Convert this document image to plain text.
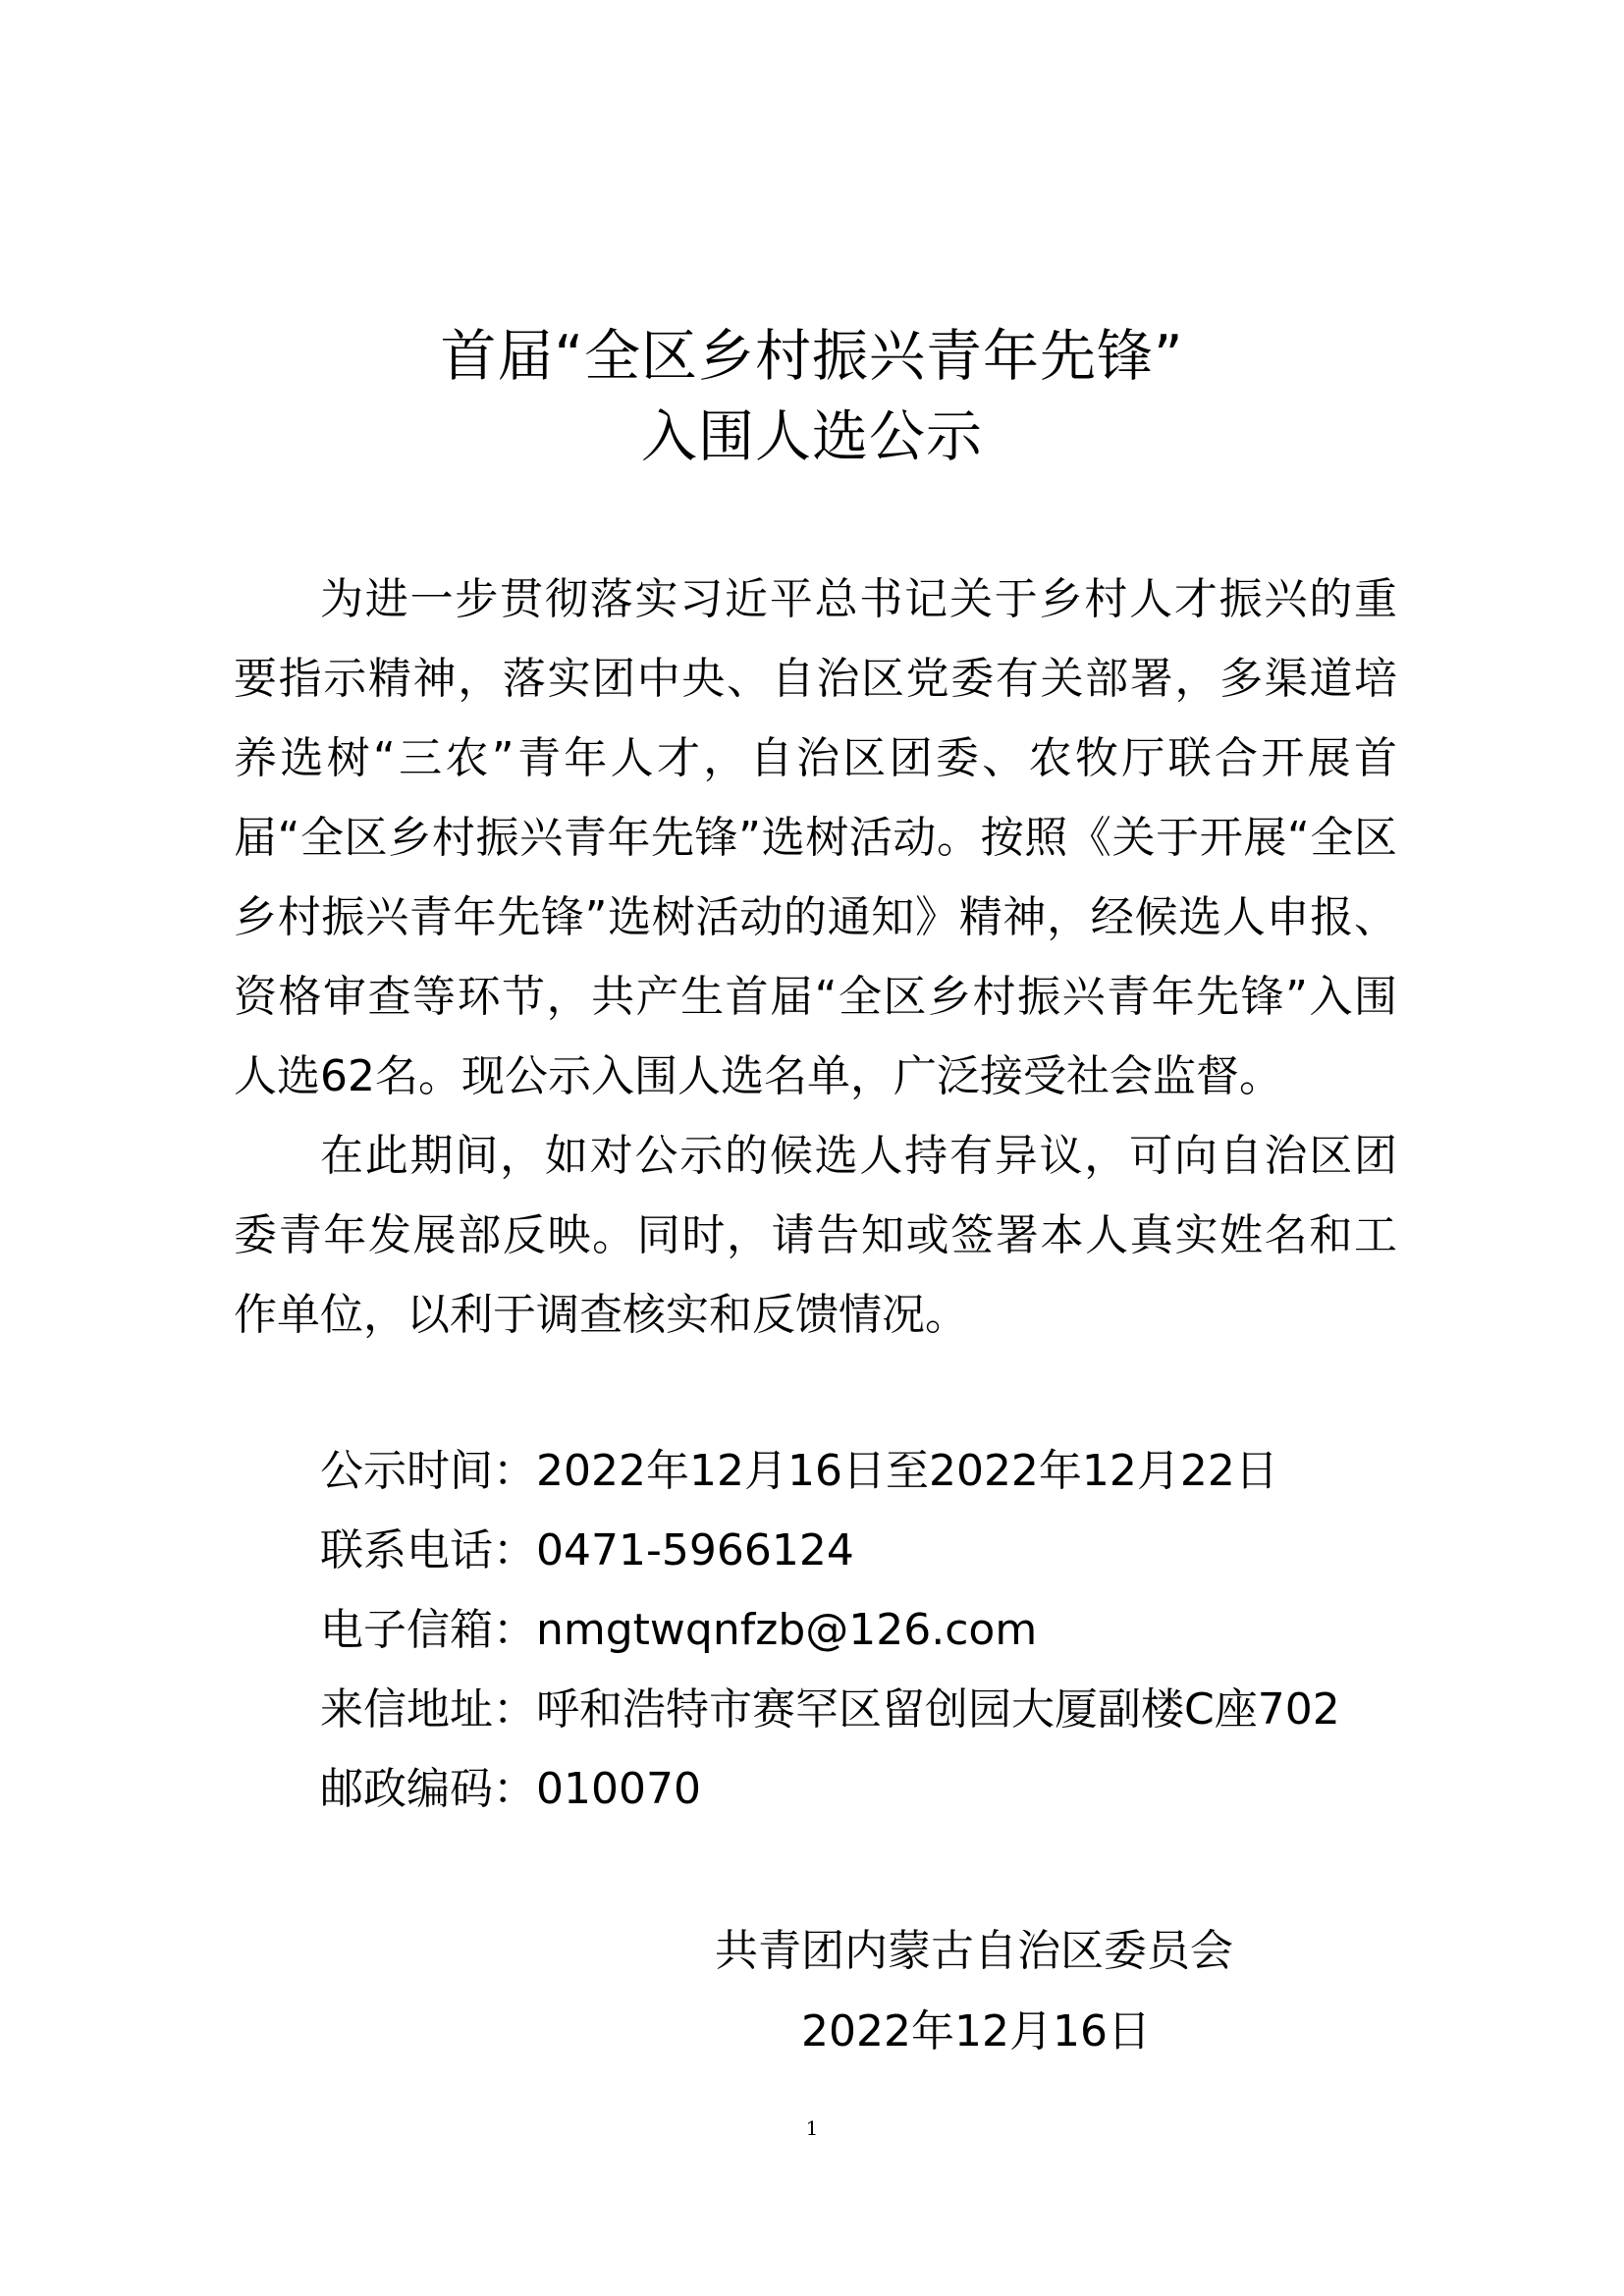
首届“全区乡村振兴青年先锋”
入围人选公示

为进一步贯彻落实习近平总书记关于乡村人才振兴的重要指示精神，落实团中央、自治区党委有关部署，多渠道培养选树“三农”青年人才，自治区团委、农牧厅联合开展首届“全区乡村振兴青年先锋”选树活动。按照《关于开展“全区乡村振兴青年先锋”选树活动的通知》精神，经候选人申报、资格审查等环节，共产生首届“全区乡村振兴青年先锋”入围人选62名。现公示入围人选名单，广泛接受社会监督。

在此期间，如对公示的候选人持有异议，可向自治区团委青年发展部反映。同时，请告知或签署本人真实姓名和工作单位，以利于调查核实和反馈情况。

公示时间：2022年12月16日至2022年12月22日
联系电话：0471-5966124
电子信箱：nmgtwqnfzb@126.com
来信地址：呼和浩特市赛罕区留创园大厦副楼C座702
邮政编码：010070
共青团内蒙古自治区委员会
2022年12月16日
1
